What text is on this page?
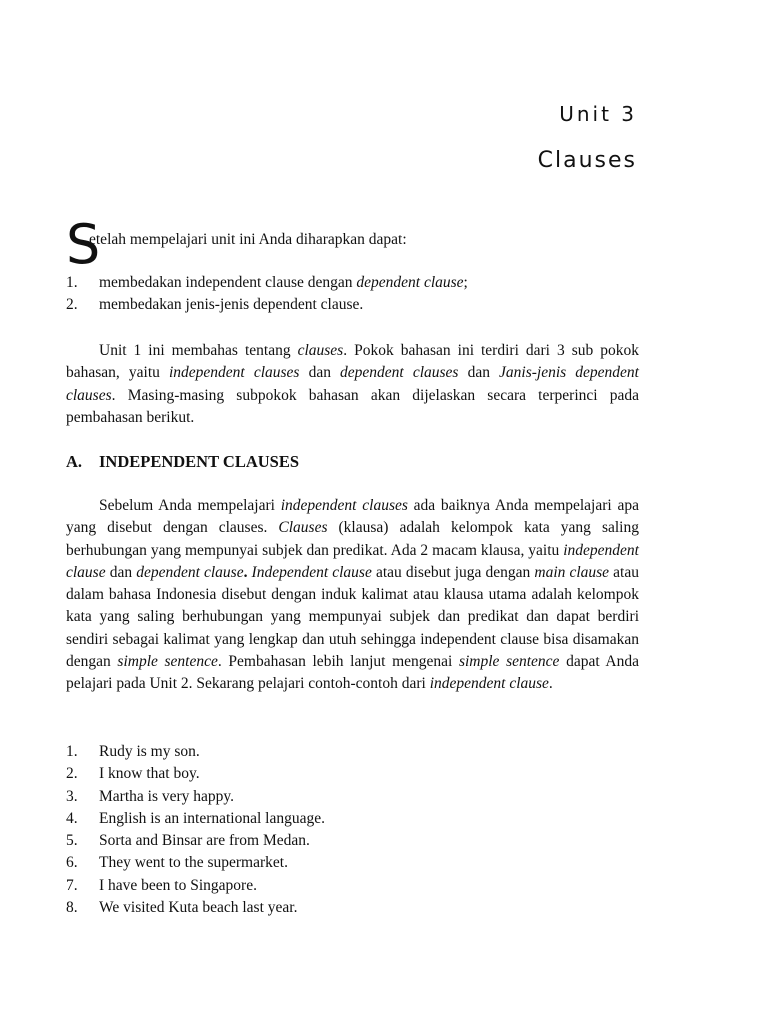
Unit 3
Clauses
S
etelah mempelajari unit ini Anda diharapkan dapat:
1. membedakan independent clause dengan dependent clause;
2. membedakan jenis-jenis dependent clause.

Unit 1 ini membahas tentang clauses. Pokok bahasan ini terdiri dari 3 sub pokok bahasan, yaitu independent clauses dan dependent clauses dan Janis-jenis dependent clauses. Masing-masing subpokok bahasan akan dijelaskan secara terperinci pada pembahasan berikut.

A. INDEPENDENT CLAUSES

Sebelum Anda mempelajari independent clauses ada baiknya Anda mempelajari apa yang disebut dengan clauses. Clauses (klausa) adalah kelompok kata yang saling berhubungan yang mempunyai subjek dan predikat. Ada 2 macam klausa, yaitu independent clause dan dependent clause. Independent clause atau disebut juga dengan main clause atau dalam bahasa Indonesia disebut dengan induk kalimat atau klausa utama adalah kelompok kata yang saling berhubungan yang mempunyai subjek dan predikat dan dapat berdiri sendiri sebagai kalimat yang lengkap dan utuh sehingga independent clause bisa disamakan dengan simple sentence. Pembahasan lebih lanjut mengenai simple sentence dapat Anda pelajari pada Unit 2. Sekarang pelajari contoh-contoh dari independent clause.

1. Rudy is my son.
2. I know that boy.
3. Martha is very happy.
4. English is an international language.
5. Sorta and Binsar are from Medan.
6. They went to the supermarket.
7. I have been to Singapore.
8. We visited Kuta beach last year.
